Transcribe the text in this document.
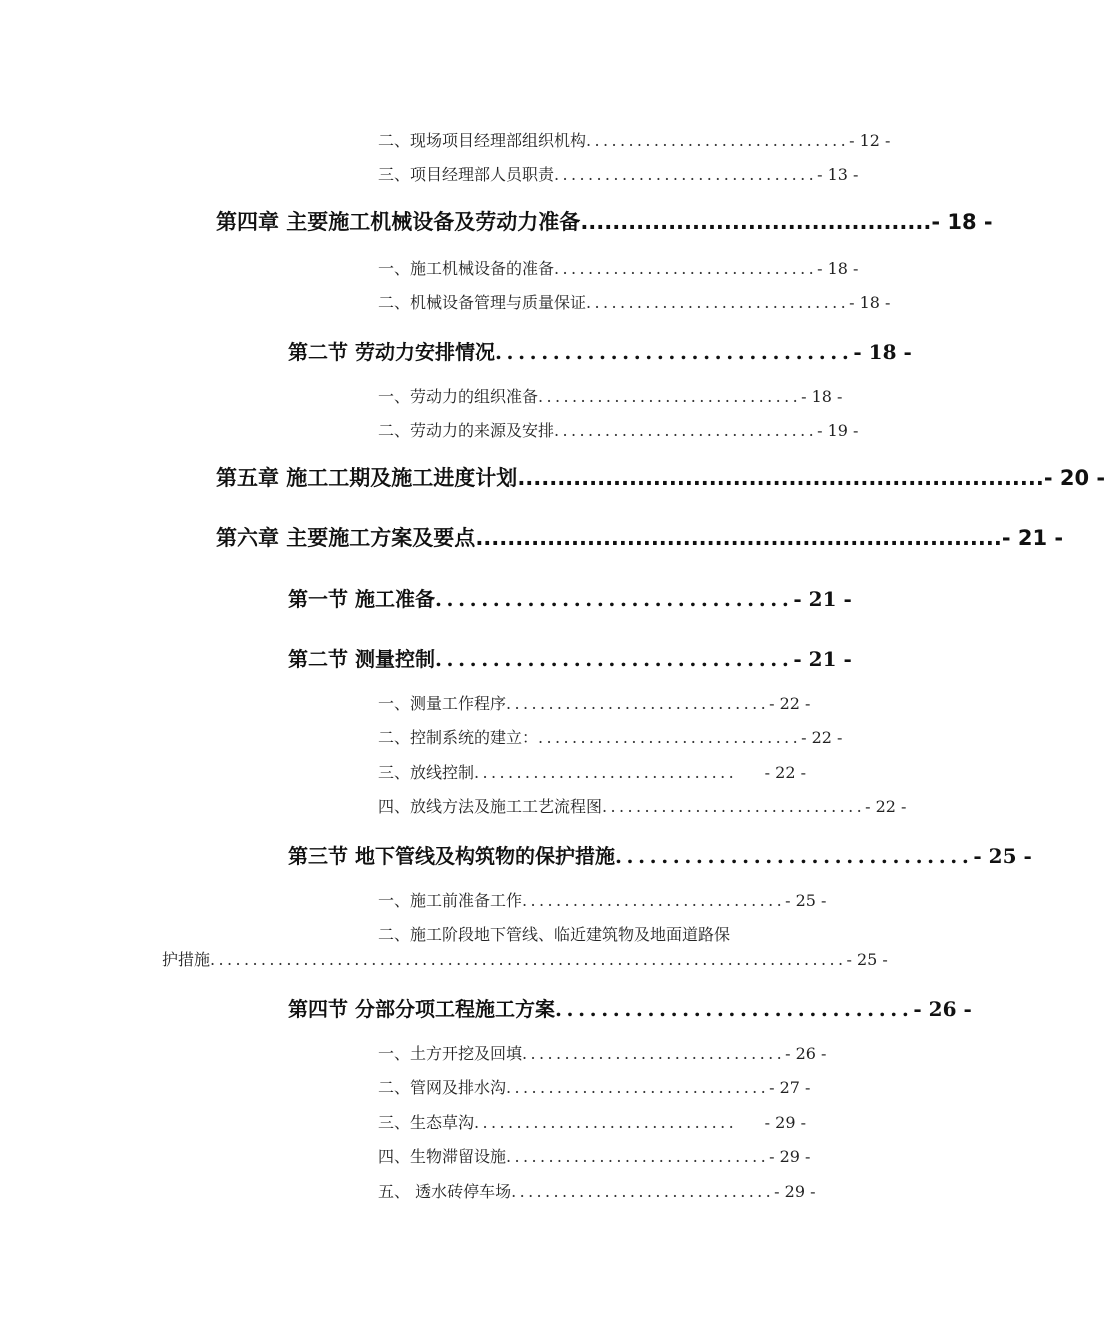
二、现场项目经理部组织机构 ............................... - 12 -
三、项目经理部人员职责 ............................... - 13 -
第四章 主要施工机械设备及劳动力准备 ............................................ - 18 -
一、施工机械设备的准备 ............................... - 18 -
二、机械设备管理与质量保证 ............................... - 18 -
第二节 劳动力安排情况 ............................... - 18 -
一、劳动力的组织准备 ............................... - 18 -
二、劳动力的来源及安排 ............................... - 19 -
第五章 施工工期及施工进度计划 .................................................................. - 20 -
第六章 主要施工方案及要点 .................................................................. - 21 -
第一节 施工准备 ............................... - 21 -
第二节 测量控制 ............................... - 21 -
一、测量工作程序 ............................... - 22 -
二、控制系统的建立： ............................... - 22 -
三、放线控制 ...............................	- 22 -
四、放线方法及施工工艺流程图 ............................... - 22 -
第三节 地下管线及构筑物的保护措施 ............................... - 25 -
一、施工前准备工作 ............................... - 25 -
二、施工阶段地下管线、临近建筑物及地面道路保
护措施 ........................................................................... - 25 -
第四节 分部分项工程施工方案 ............................... - 26 -
一、土方开挖及回填 ............................... - 26 -
二、管网及排水沟 ............................... - 27 -
三、生态草沟 ...............................	- 29 -
四、生物滞留设施 ............................... - 29 -
五、 透水砖停车场 ............................... - 29 -
